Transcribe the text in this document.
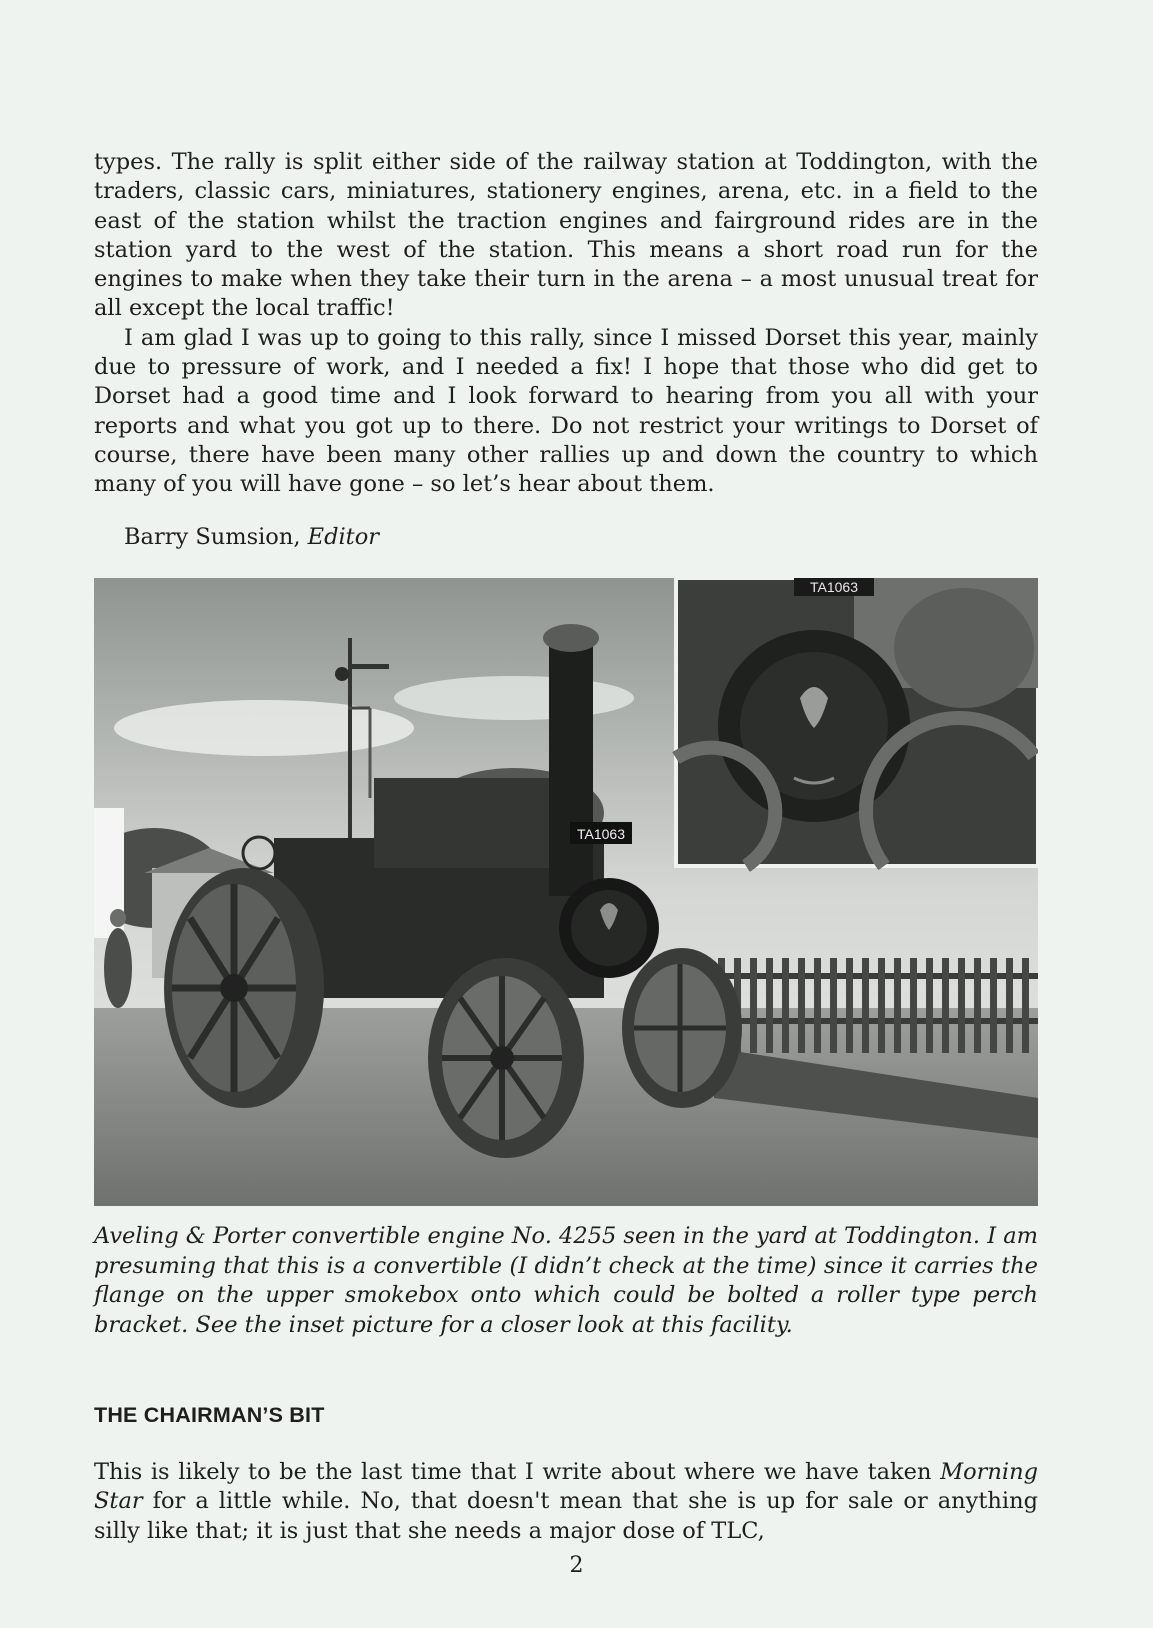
types. The rally is split either side of the railway station at Toddington, with the traders, classic cars, miniatures, stationery engines, arena, etc. in a field to the east of the station whilst the traction engines and fairground rides are in the station yard to the west of the station. This means a short road run for the engines to make when they take their turn in the arena – a most unusual treat for all except the local traffic!

I am glad I was up to going to this rally, since I missed Dorset this year, mainly due to pressure of work, and I needed a fix! I hope that those who did get to Dorset had a good time and I look forward to hearing from you all with your reports and what you got up to there. Do not restrict your writings to Dorset of course, there have been many other rallies up and down the country to which many of you will have gone – so let’s hear about them.

Barry Sumsion, Editor
TA1063
TA1063
Aveling & Porter convertible engine No. 4255 seen in the yard at Toddington. I am presuming that this is a convertible (I didn’t check at the time) since it carries the flange on the upper smokebox onto which could be bolted a roller type perch bracket. See the inset picture for a closer look at this facility.
THE CHAIRMAN’S BIT

This is likely to be the last time that I write about where we have taken Morning Star for a little while. No, that doesn't mean that she is up for sale or anything silly like that; it is just that she needs a major dose of TLC,

2
